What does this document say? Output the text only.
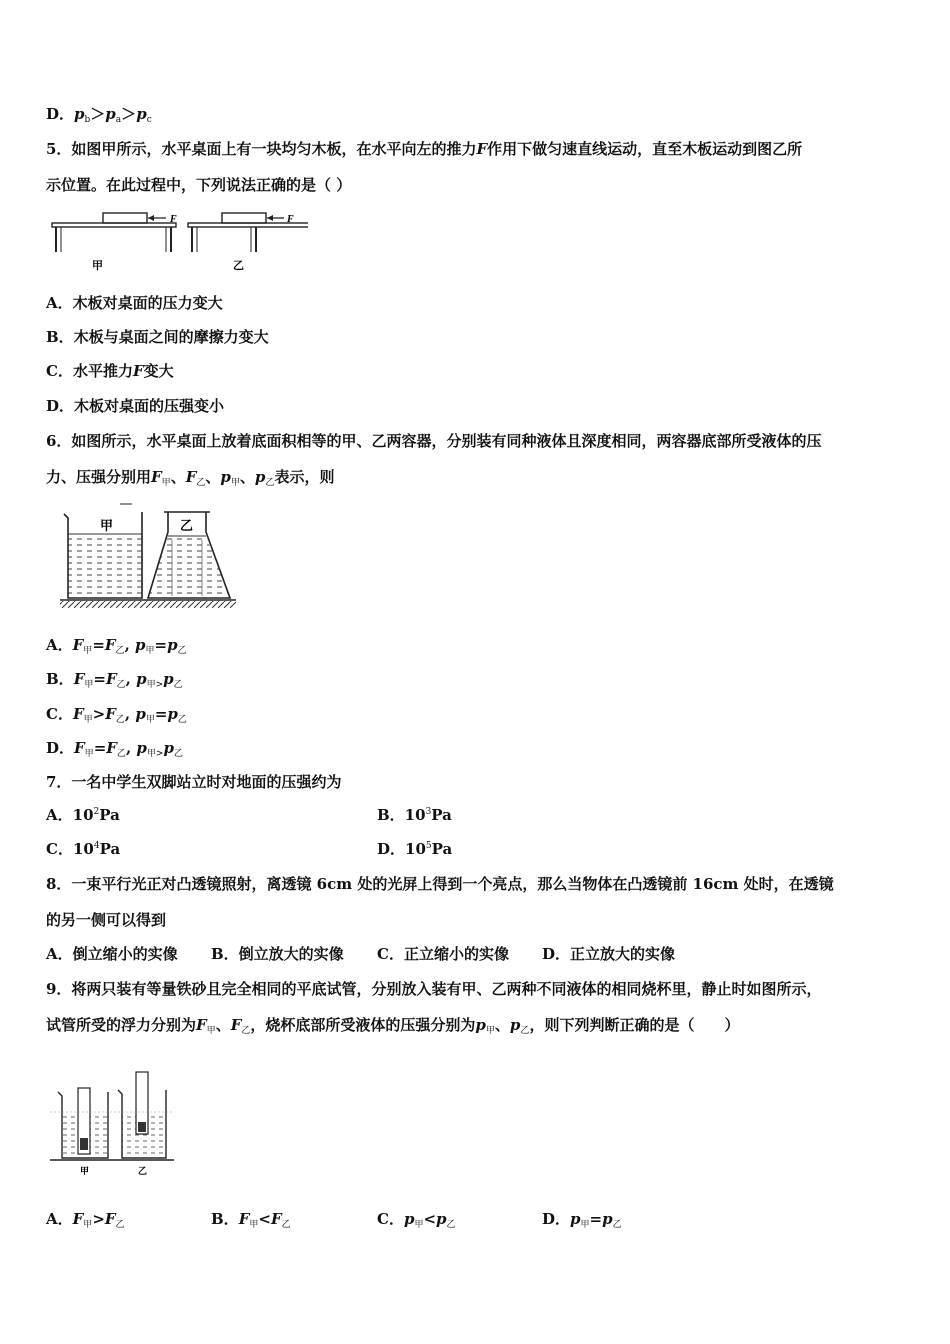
D．$p_b>p_a>p_c$
5．如图甲所示，水平桌面上有一块均匀木板，在水平向左的推力F作用下做匀速直线运动，直至木板运动到图乙所
示位置。在此过程中，下列说法正确的是（ ）
F
甲
F
乙
A．木板对桌面的压力变大
B．木板与桌面之间的摩擦力变大
C．水平推力F变大
D．木板对桌面的压强变小
6．如图所示，水平桌面上放着底面积相等的甲、乙两容器，分别装有同种液体且深度相同，两容器底部所受液体的压
力、压强分别用$F_甲$、$F_乙$、$p_甲$、$p_乙$表示，则
甲	乙
A．$F_甲=F_乙$, $p_甲=p_乙$
B．$F_甲=F_乙$, $p_{甲>}p_乙$
C．$F_甲>F_乙$, $p_甲=p_乙$
D．$F_甲=F_乙$, $p_{甲>}p_乙$
7．一名中学生双脚站立时对地面的压强约为
A．$10^2Pa$	B．$10^3Pa$
C．$10^4Pa$	D．$10^5Pa$
8．一束平行光正对凸透镜照射，离透镜 6cm 处的光屏上得到一个亮点，那么当物体在凸透镜前 16cm 处时，在透镜
的另一侧可以得到
A．倒立缩小的实像 B．倒立放大的实像 C．正立缩小的实像 D．正立放大的实像
9．将两只装有等量铁砂且完全相同的平底试管，分别放入装有甲、乙两种不同液体的相同烧杯里，静止时如图所示，
试管所受的浮力分别为$F_甲$、$F_乙$，烧杯底部所受液体的压强分别为$p_甲$、$p_乙$，则下列判断正确的是（　　）
甲	乙
A．$F_甲>F_乙$	B．$F_甲<F_乙$	C．$p_甲<p_乙$	D．$p_甲=p_乙$
